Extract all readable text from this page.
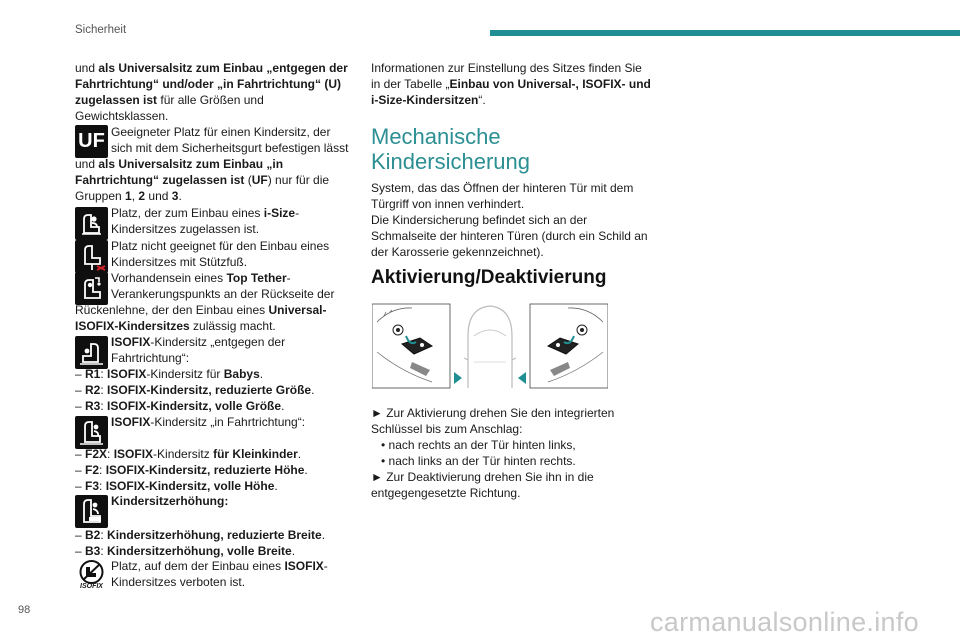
Sicherheit
98	carmanualsonline.info
und als Universalsitz zum Einbau „entgegen der
Fahrtrichtung“ und/oder „in Fahrtrichtung“ (U)
zugelassen ist für alle Größen und
Gewichtsklassen.
UF Geeigneter Platz für einen Kindersitz, der
sich mit dem Sicherheitsgurt befestigen lässt
und als Universalsitz zum Einbau „in
Fahrtrichtung“ zugelassen ist (UF) nur für die
Gruppen 1, 2 und 3.
Platz, der zum Einbau eines i-Size-
Kindersitzes zugelassen ist.
Platz nicht geeignet für den Einbau eines
Kindersitzes mit Stützfuß.
Vorhandensein eines Top Tether-
Verankerungspunkts an der Rückseite der
Rückenlehne, der den Einbau eines Universal-
ISOFIX-Kindersitzes zulässig macht.
ISOFIX-Kindersitz „entgegen der
Fahrtrichtung“:
– R1: ISOFIX-Kindersitz für Babys.
– R2: ISOFIX-Kindersitz, reduzierte Größe.
– R3: ISOFIX-Kindersitz, volle Größe.
ISOFIX-Kindersitz „in Fahrtrichtung“:
– F2X: ISOFIX-Kindersitz für Kleinkinder.
– F2: ISOFIX-Kindersitz, reduzierte Höhe.
– F3: ISOFIX-Kindersitz, volle Höhe.
Kindersitzerhöhung:
– B2: Kindersitzerhöhung, reduzierte Breite.
– B3: Kindersitzerhöhung, volle Breite.
ISOFIX
Platz, auf dem der Einbau eines ISOFIX-
Kindersitzes verboten ist.
Informationen zur Einstellung des Sitzes finden Sie
in der Tabelle „Einbau von Universal-, ISOFIX- und
i-Size-Kindersitzen“.
Mechanische
Kindersicherung
System, das das Öffnen der hinteren Tür mit dem
Türgriff von innen verhindert.
Die Kindersicherung befindet sich an der
Schmalseite der hinteren Türen (durch ein Schild an
der Karosserie gekennzeichnet).
Aktivierung/Deaktivierung
► Zur Aktivierung drehen Sie den integrierten
Schlüssel bis zum Anschlag:
• nach rechts an der Tür hinten links,
• nach links an der Tür hinten rechts.
► Zur Deaktivierung drehen Sie ihn in die
entgegengesetzte Richtung.
